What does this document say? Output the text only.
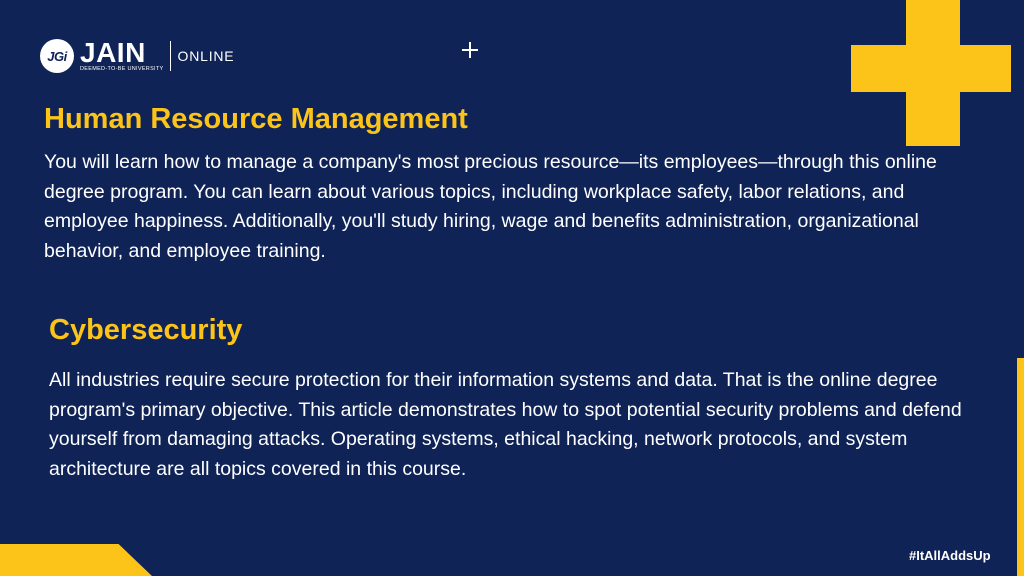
JGi JAIN
DEEMED-TO-BE UNIVERSITY
ONLINE
Human Resource Management

You will learn how to manage a company's most precious resource—its employees—through this online degree program. You can learn about various topics, including workplace safety, labor relations, and employee happiness. Additionally, you'll study hiring, wage and benefits administration, organizational behavior, and employee training.

Cybersecurity

All industries require secure protection for their information systems and data. That is the online degree program's primary objective. This article demonstrates how to spot potential security problems and defend yourself from damaging attacks. Operating systems, ethical hacking, network protocols, and system architecture are all topics covered in this course.

#ItAllAddsUp
